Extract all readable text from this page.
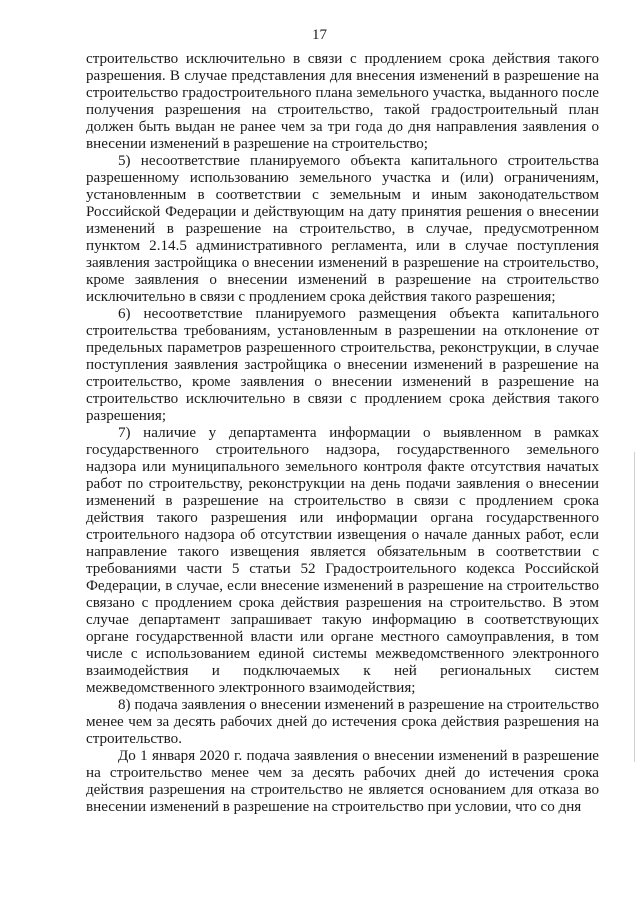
17

строительство исключительно в связи с продлением срока действия такого разрешения. В случае представления для внесения изменений в разрешение на строительство градостроительного плана земельного участка, выданного после получения разрешения на строительство, такой градостроительный план должен быть выдан не ранее чем за три года до дня направления заявления о внесении изменений в разрешение на строительство;

5) несоответствие планируемого объекта капитального строительства разрешенному использованию земельного участка и (или) ограничениям, установленным в соответствии с земельным и иным законодательством Российской Федерации и действующим на дату принятия решения о внесении изменений в разрешение на строительство, в случае, предусмотренном пунктом 2.14.5 административного регламента, или в случае поступления заявления застройщика о внесении изменений в разрешение на строительство, кроме заявления о внесении изменений в разрешение на строительство исключительно в связи с продлением срока действия такого разрешения;

6) несоответствие планируемого размещения объекта капитального строительства требованиям, установленным в разрешении на отклонение от предельных параметров разрешенного строительства, реконструкции, в случае поступления заявления застройщика о внесении изменений в разрешение на строительство, кроме заявления о внесении изменений в разрешение на строительство исключительно в связи с продлением срока действия такого разрешения;

7) наличие у департамента информации о выявленном в рамках государственного строительного надзора, государственного земельного надзора или муниципального земельного контроля факте отсутствия начатых работ по строительству, реконструкции на день подачи заявления о внесении изменений в разрешение на строительство в связи с продлением срока действия такого разрешения или информации органа государственного строительного надзора об отсутствии извещения о начале данных работ, если направление такого извещения является обязательным в соответствии с требованиями части 5 статьи 52 Градостроительного кодекса Российской Федерации, в случае, если внесение изменений в разрешение на строительство связано с продлением срока действия разрешения на строительство. В этом случае департамент запрашивает такую информацию в соответствующих органе государственной власти или органе местного самоуправления, в том числе с использованием единой системы межведомственного электронного взаимодействия и подключаемых к ней региональных систем межведомственного электронного взаимодействия;

8) подача заявления о внесении изменений в разрешение на строительство менее чем за десять рабочих дней до истечения срока действия разрешения на строительство.

До 1 января 2020 г. подача заявления о внесении изменений в разрешение на строительство менее чем за десять рабочих дней до истечения срока действия разрешения на строительство не является основанием для отказа во внесении изменений в разрешение на строительство при условии, что со дня
